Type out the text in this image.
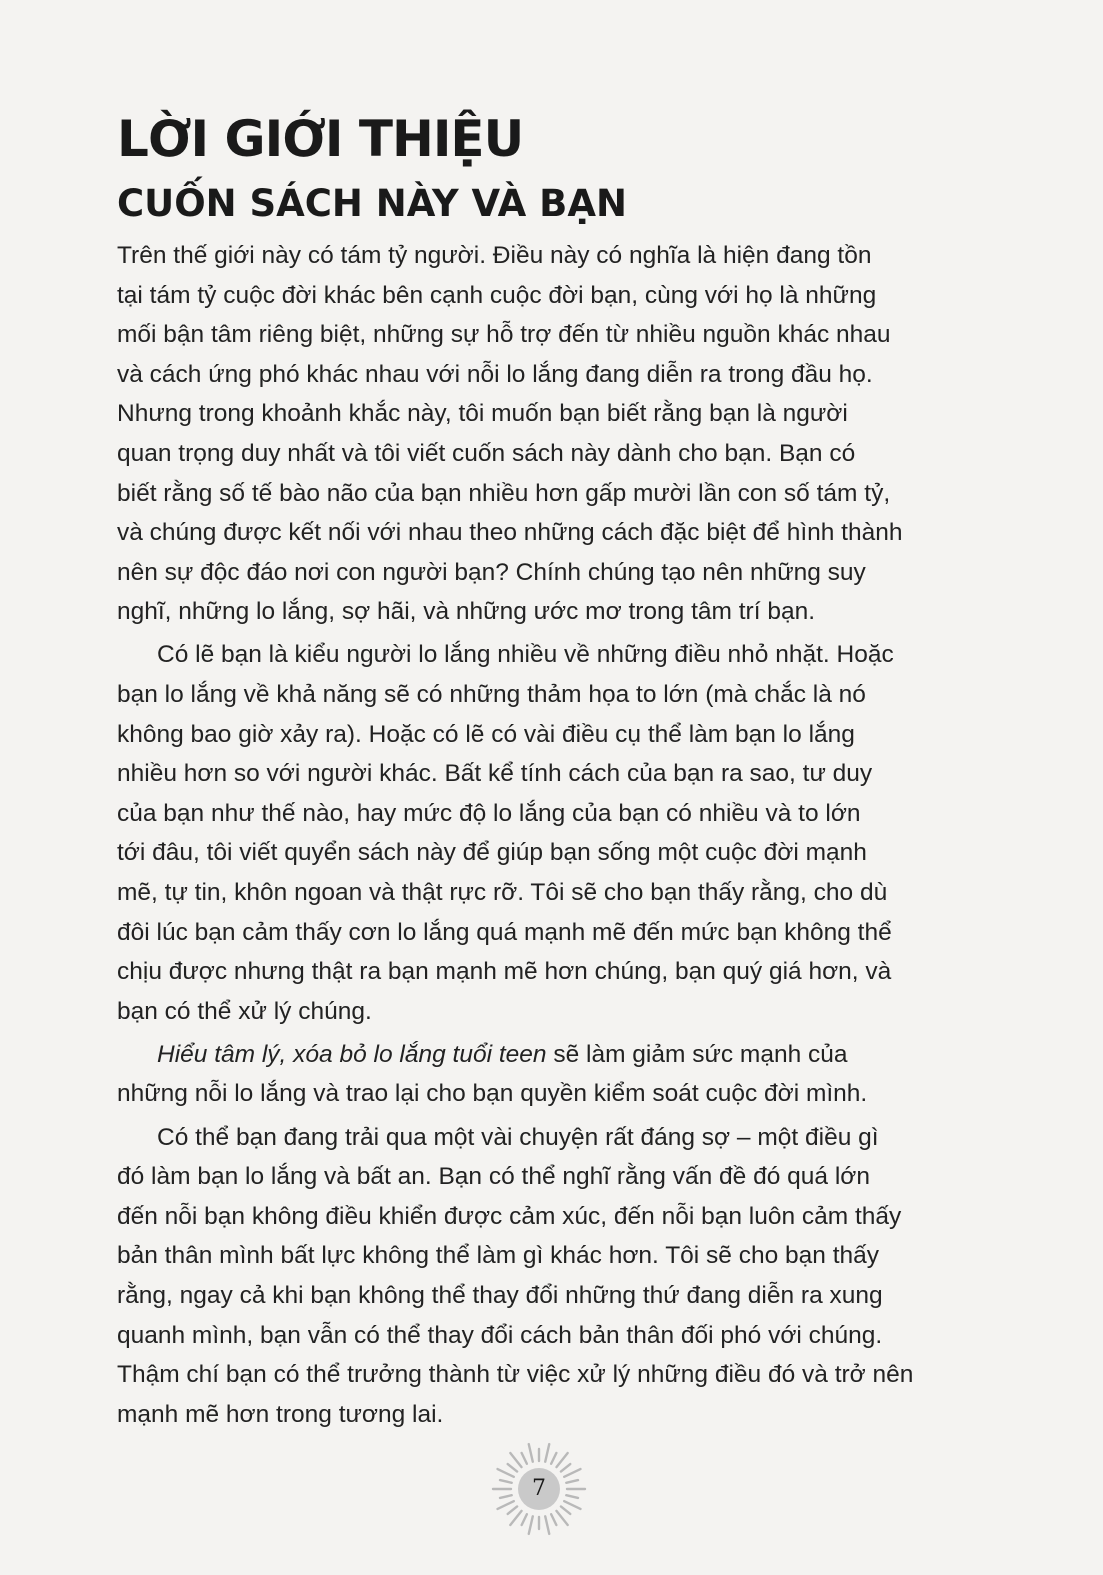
LỜI GIỚI THIỆU
CUỐN SÁCH NÀY VÀ BẠN
Trên thế giới này có tám tỷ người. Điều này có nghĩa là hiện đang tồn
tại tám tỷ cuộc đời khác bên cạnh cuộc đời bạn, cùng với họ là những
mối bận tâm riêng biệt, những sự hỗ trợ đến từ nhiều nguồn khác nhau
và cách ứng phó khác nhau với nỗi lo lắng đang diễn ra trong đầu họ.
Nhưng trong khoảnh khắc này, tôi muốn bạn biết rằng bạn là người
quan trọng duy nhất và tôi viết cuốn sách này dành cho bạn. Bạn có
biết rằng số tế bào não của bạn nhiều hơn gấp mười lần con số tám tỷ,
và chúng được kết nối với nhau theo những cách đặc biệt để hình thành
nên sự độc đáo nơi con người bạn? Chính chúng tạo nên những suy
nghĩ, những lo lắng, sợ hãi, và những ước mơ trong tâm trí bạn.
Có lẽ bạn là kiểu người lo lắng nhiều về những điều nhỏ nhặt. Hoặc
bạn lo lắng về khả năng sẽ có những thảm họa to lớn (mà chắc là nó
không bao giờ xảy ra). Hoặc có lẽ có vài điều cụ thể làm bạn lo lắng
nhiều hơn so với người khác. Bất kể tính cách của bạn ra sao, tư duy
của bạn như thế nào, hay mức độ lo lắng của bạn có nhiều và to lớn
tới đâu, tôi viết quyển sách này để giúp bạn sống một cuộc đời mạnh
mẽ, tự tin, khôn ngoan và thật rực rỡ. Tôi sẽ cho bạn thấy rằng, cho dù
đôi lúc bạn cảm thấy cơn lo lắng quá mạnh mẽ đến mức bạn không thể
chịu được nhưng thật ra bạn mạnh mẽ hơn chúng, bạn quý giá hơn, và
bạn có thể xử lý chúng.
Hiểu tâm lý, xóa bỏ lo lắng tuổi teen sẽ làm giảm sức mạnh của
những nỗi lo lắng và trao lại cho bạn quyền kiểm soát cuộc đời mình.
Có thể bạn đang trải qua một vài chuyện rất đáng sợ – một điều gì
đó làm bạn lo lắng và bất an. Bạn có thể nghĩ rằng vấn đề đó quá lớn
đến nỗi bạn không điều khiển được cảm xúc, đến nỗi bạn luôn cảm thấy
bản thân mình bất lực không thể làm gì khác hơn. Tôi sẽ cho bạn thấy
rằng, ngay cả khi bạn không thể thay đổi những thứ đang diễn ra xung
quanh mình, bạn vẫn có thể thay đổi cách bản thân đối phó với chúng.
Thậm chí bạn có thể trưởng thành từ việc xử lý những điều đó và trở nên
mạnh mẽ hơn trong tương lai.
7
